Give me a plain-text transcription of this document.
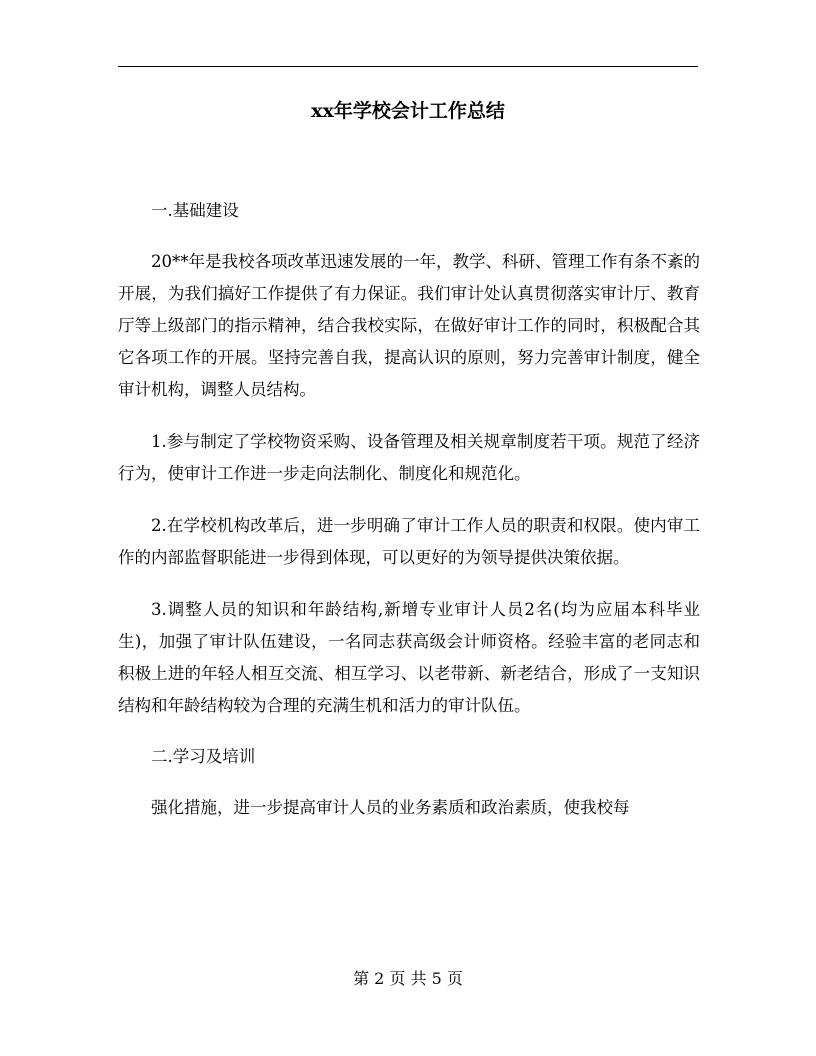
xx年学校会计工作总结

一.基础建设

20**年是我校各项改革迅速发展的一年，教学、科研、管理工作有条不紊的开展，为我们搞好工作提供了有力保证。我们审计处认真贯彻落实审计厅、教育厅等上级部门的指示精神，结合我校实际，在做好审计工作的同时，积极配合其它各项工作的开展。坚持完善自我，提高认识的原则，努力完善审计制度，健全审计机构，调整人员结构。

1.参与制定了学校物资采购、设备管理及相关规章制度若干项。规范了经济行为，使审计工作进一步走向法制化、制度化和规范化。

2.在学校机构改革后，进一步明确了审计工作人员的职责和权限。使内审工作的内部监督职能进一步得到体现，可以更好的为领导提供决策依据。

3.调整人员的知识和年龄结构,新增专业审计人员2名(均为应届本科毕业生)，加强了审计队伍建设，一名同志获高级会计师资格。经验丰富的老同志和积极上进的年轻人相互交流、相互学习、以老带新、新老结合，形成了一支知识结构和年龄结构较为合理的充满生机和活力的审计队伍。

二.学习及培训

强化措施，进一步提高审计人员的业务素质和政治素质，使我校每

第 2 页 共 5 页
